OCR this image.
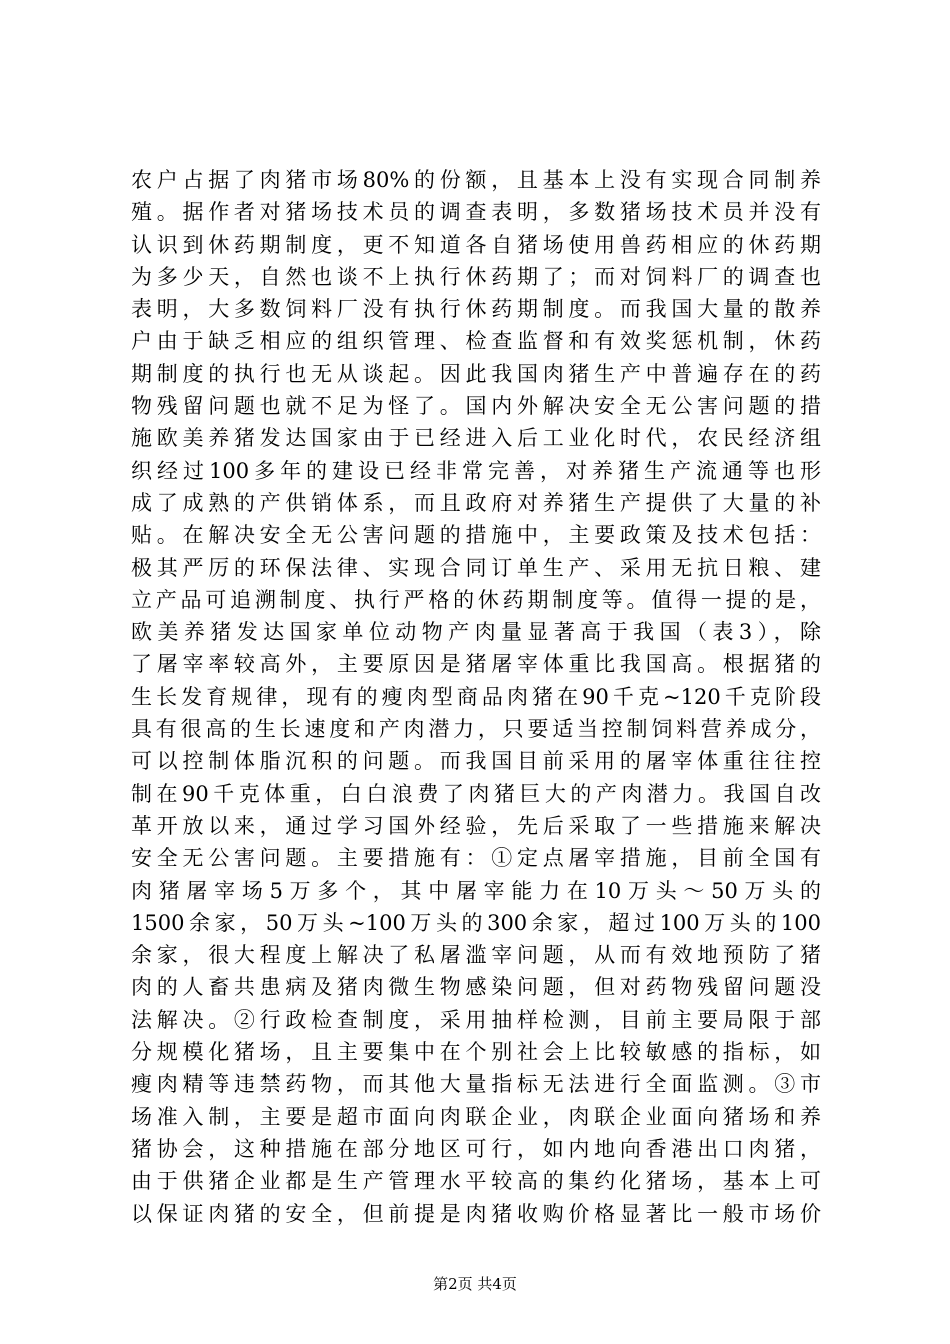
农户占据了肉猪市场80%的份额，且基本上没有实现合同制养
殖。据作者对猪场技术员的调查表明，多数猪场技术员并没有
认识到休药期制度，更不知道各自猪场使用兽药相应的休药期
为多少天，自然也谈不上执行休药期了；而对饲料厂的调查也
表明，大多数饲料厂没有执行休药期制度。而我国大量的散养
户由于缺乏相应的组织管理、检查监督和有效奖惩机制，休药
期制度的执行也无从谈起。因此我国肉猪生产中普遍存在的药
物残留问题也就不足为怪了。国内外解决安全无公害问题的措
施欧美养猪发达国家由于已经进入后工业化时代，农民经济组
织经过100多年的建设已经非常完善，对养猪生产流通等也形
成了成熟的产供销体系，而且政府对养猪生产提供了大量的补
贴。在解决安全无公害问题的措施中，主要政策及技术包括：
极其严厉的环保法律、实现合同订单生产、采用无抗日粮、建
立产品可追溯制度、执行严格的休药期制度等。值得一提的是，
欧美养猪发达国家单位动物产肉量显著高于我国（表3），除
了屠宰率较高外，主要原因是猪屠宰体重比我国高。根据猪的
生长发育规律，现有的瘦肉型商品肉猪在90千克~120千克阶段
具有很高的生长速度和产肉潜力，只要适当控制饲料营养成分，
可以控制体脂沉积的问题。而我国目前采用的屠宰体重往往控
制在90千克体重，白白浪费了肉猪巨大的产肉潜力。我国自改
革开放以来，通过学习国外经验，先后采取了一些措施来解决
安全无公害问题。主要措施有：①定点屠宰措施，目前全国有
肉猪屠宰场5万多个，其中屠宰能力在10万头～50万头的
1500余家，50万头~100万头的300余家，超过100万头的100
余家，很大程度上解决了私屠滥宰问题，从而有效地预防了猪
肉的人畜共患病及猪肉微生物感染问题，但对药物残留问题没
法解决。②行政检查制度，采用抽样检测，目前主要局限于部
分规模化猪场，且主要集中在个别社会上比较敏感的指标，如
瘦肉精等违禁药物，而其他大量指标无法进行全面监测。③市
场准入制，主要是超市面向肉联企业，肉联企业面向猪场和养
猪协会，这种措施在部分地区可行，如内地向香港出口肉猪，
由于供猪企业都是生产管理水平较高的集约化猪场，基本上可
以保证肉猪的安全，但前提是肉猪收购价格显著比一般市场价
第2页 共4页
